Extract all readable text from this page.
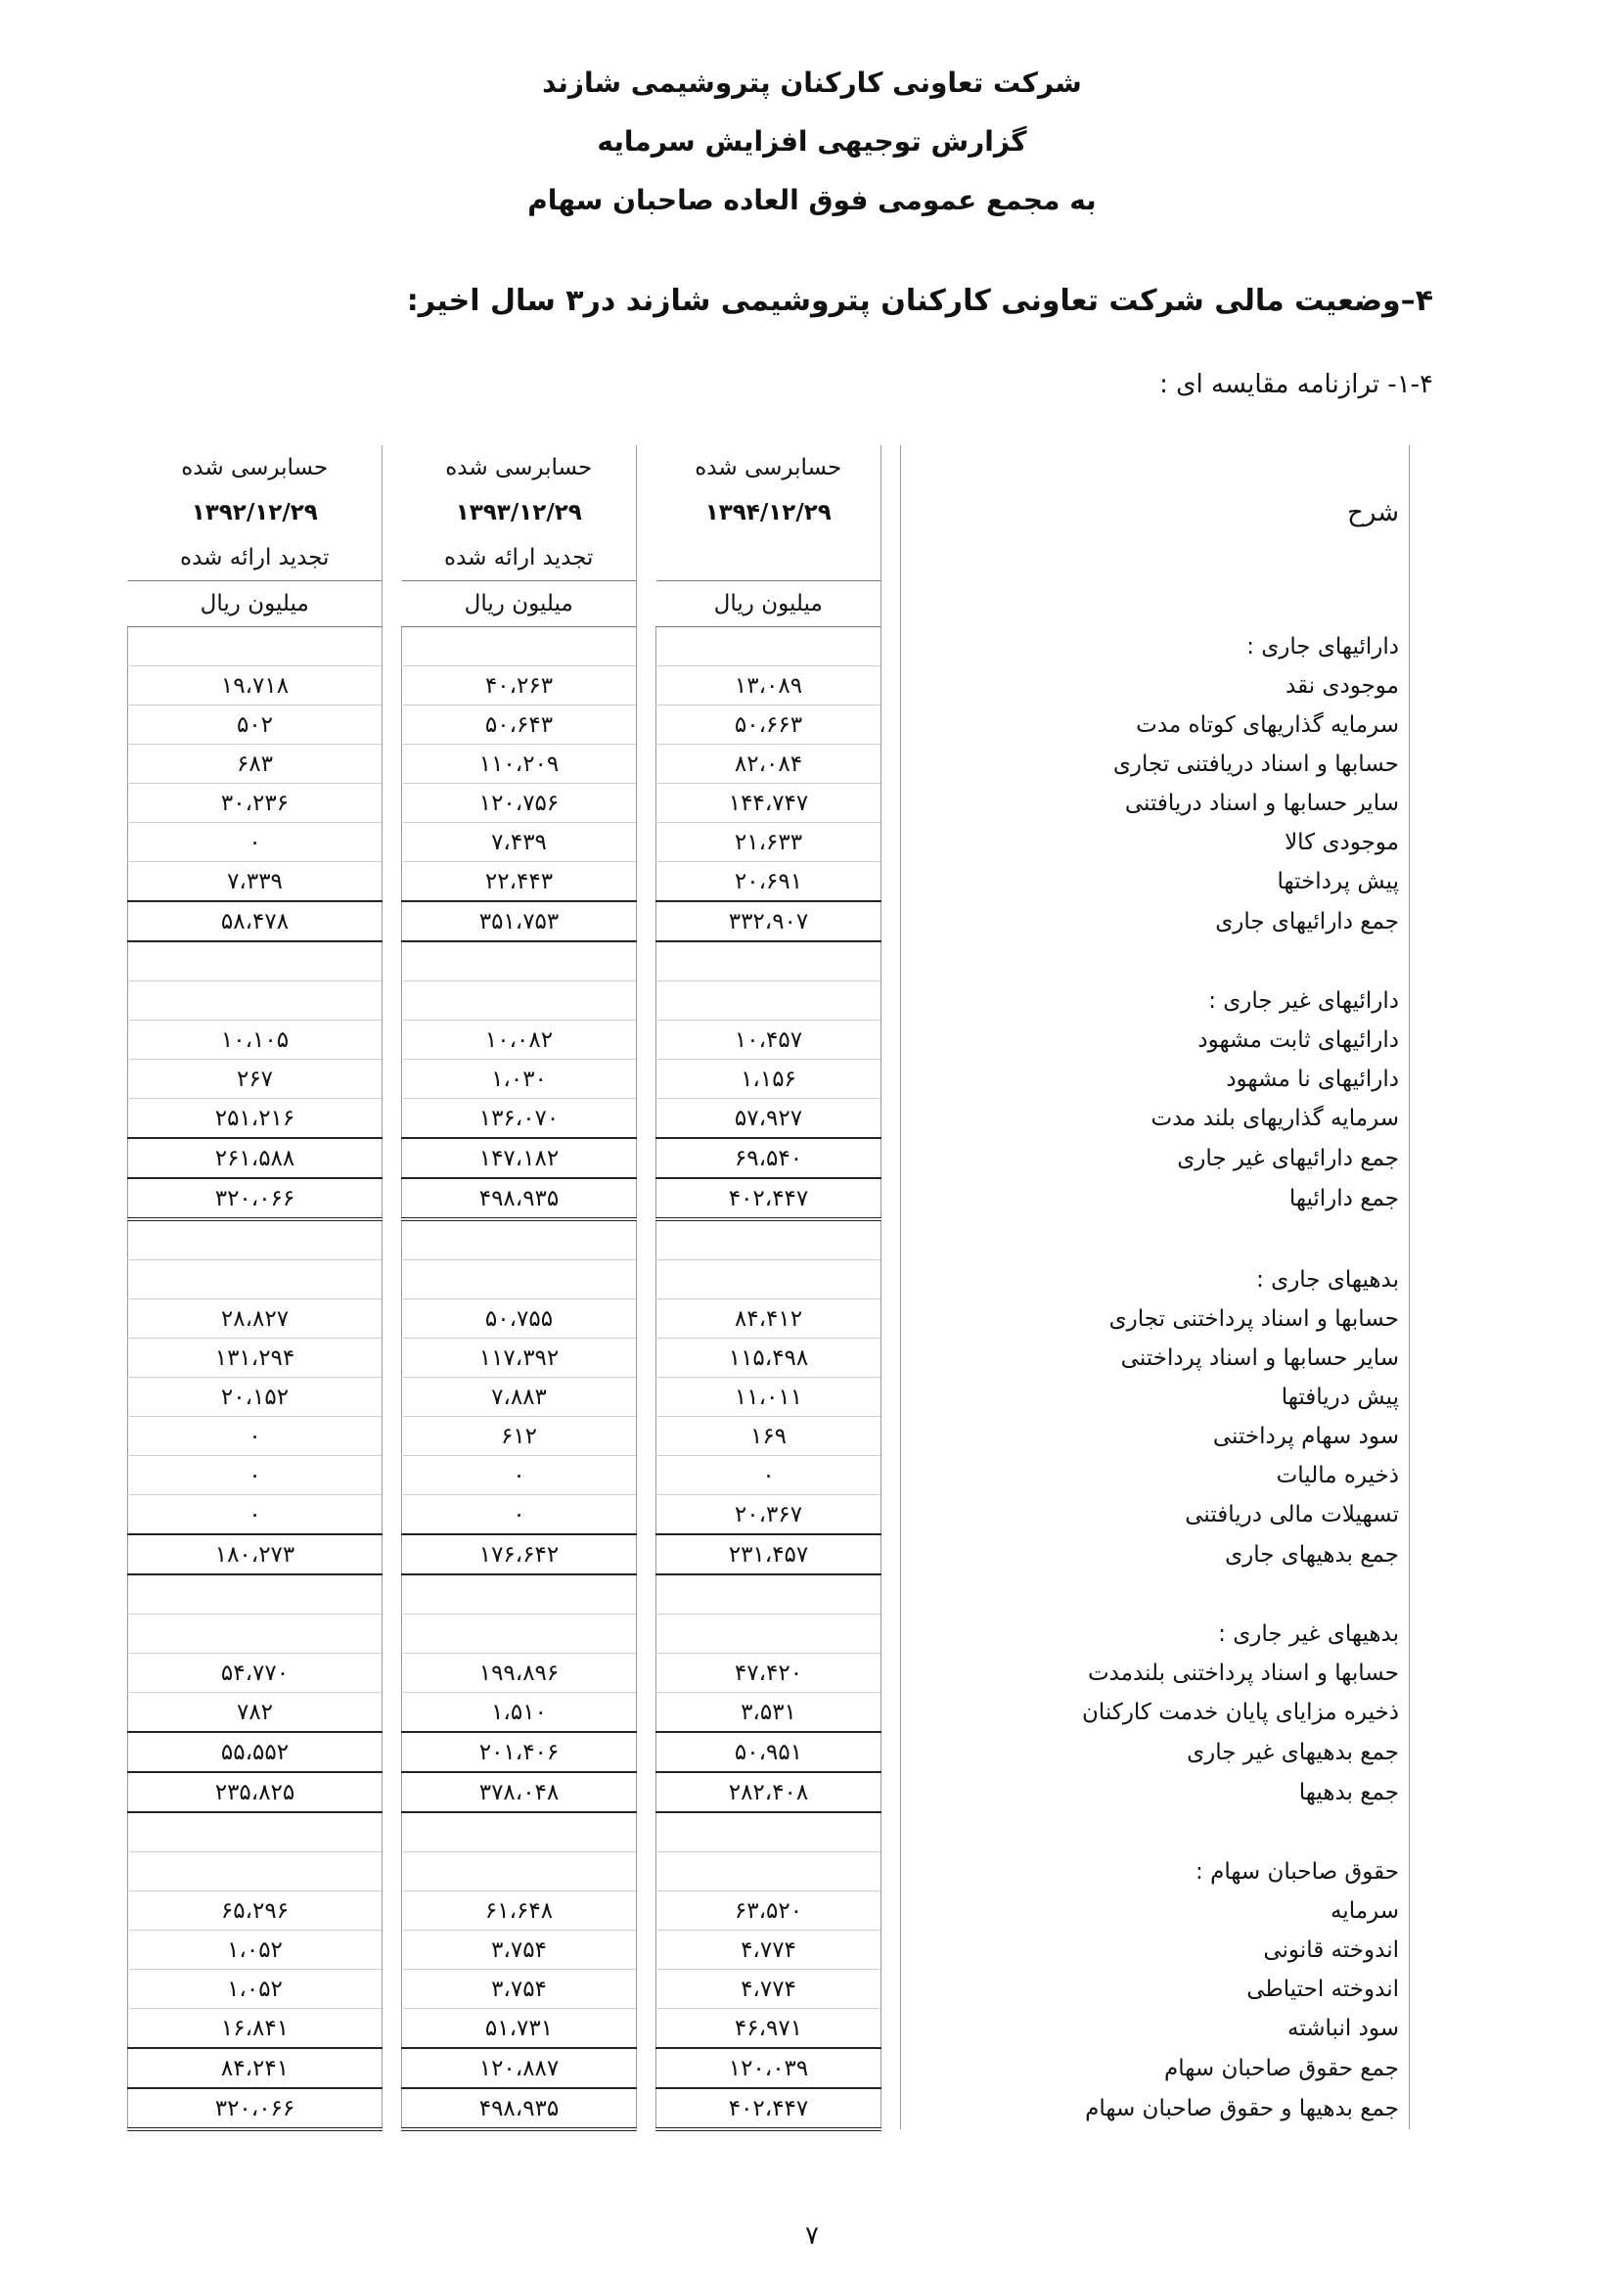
شرکت تعاونی کارکنان پتروشیمی شازند
گزارش توجیهی افزایش سرمایه
به مجمع عمومی فوق العاده صاحبان سهام
۴–وضعیت مالی شرکت تعاونی کارکنان پتروشیمی شازند در۳ سال اخیر:
۱-۴- ترازنامه مقایسه ای :
			حسابرسی شده		حسابرسی شده		حسابرسی شده
	شرح		۱۳۹۴/۱۲/۲۹		۱۳۹۳/۱۲/۲۹		۱۳۹۲/۱۲/۲۹
					تجدید ارائه شده		تجدید ارائه شده
			میلیون ریال		میلیون ریال		میلیون ریال
	دارائیهای جاری :						
	موجودی نقد		۱۳،۰۸۹		۴۰،۲۶۳		۱۹،۷۱۸
	سرمایه گذاریهای کوتاه مدت		۵۰،۶۶۳		۵۰،۶۴۳		۵۰۲
	حسابها و اسناد دریافتنی تجاری		۸۲،۰۸۴		۱۱۰،۲۰۹		۶۸۳
	سایر حسابها و اسناد دریافتنی		۱۴۴،۷۴۷		۱۲۰،۷۵۶		۳۰،۲۳۶
	موجودی کالا		۲۱،۶۳۳		۷،۴۳۹		۰
	پیش پرداختها		۲۰،۶۹۱		۲۲،۴۴۳		۷،۳۳۹
	جمع دارائیهای جاری		۳۳۲،۹۰۷		۳۵۱،۷۵۳		۵۸،۴۷۸

	دارائیهای غیر جاری :						
	دارائیهای ثابت مشهود		۱۰،۴۵۷		۱۰،۰۸۲		۱۰،۱۰۵
	دارائیهای نا مشهود		۱،۱۵۶		۱،۰۳۰		۲۶۷
	سرمایه گذاریهای بلند مدت		۵۷،۹۲۷		۱۳۶،۰۷۰		۲۵۱،۲۱۶
	جمع دارائیهای غیر جاری		۶۹،۵۴۰		۱۴۷،۱۸۲		۲۶۱،۵۸۸
	جمع دارائیها		۴۰۲،۴۴۷		۴۹۸،۹۳۵		۳۲۰،۰۶۶

	بدهیهای جاری :						
	حسابها و اسناد پرداختنی تجاری		۸۴،۴۱۲		۵۰،۷۵۵		۲۸،۸۲۷
	سایر حسابها و اسناد پرداختنی		۱۱۵،۴۹۸		۱۱۷،۳۹۲		۱۳۱،۲۹۴
	پیش دریافتها		۱۱،۰۱۱		۷،۸۸۳		۲۰،۱۵۲
	سود سهام پرداختنی		۱۶۹		۶۱۲		۰
	ذخیره مالیات		۰		۰		۰
	تسهیلات مالی دریافتنی		۲۰،۳۶۷		۰		۰
	جمع بدهیهای جاری		۲۳۱،۴۵۷		۱۷۶،۶۴۲		۱۸۰،۲۷۳

	بدهیهای غیر جاری :						
	حسابها و اسناد پرداختنی بلندمدت		۴۷،۴۲۰		۱۹۹،۸۹۶		۵۴،۷۷۰
	ذخیره مزایای پایان خدمت کارکنان		۳،۵۳۱		۱،۵۱۰		۷۸۲
	جمع بدهیهای غیر جاری		۵۰،۹۵۱		۲۰۱،۴۰۶		۵۵،۵۵۲
	جمع بدهیها		۲۸۲،۴۰۸		۳۷۸،۰۴۸		۲۳۵،۸۲۵

	حقوق صاحبان سهام :						
	سرمایه		۶۳،۵۲۰		۶۱،۶۴۸		۶۵،۲۹۶
	اندوخته قانونی		۴،۷۷۴		۳،۷۵۴		۱،۰۵۲
	اندوخته احتیاطی		۴،۷۷۴		۳،۷۵۴		۱،۰۵۲
	سود انباشته		۴۶،۹۷۱		۵۱،۷۳۱		۱۶،۸۴۱
	جمع حقوق صاحبان سهام		۱۲۰،۰۳۹		۱۲۰،۸۸۷		۸۴،۲۴۱
	جمع بدهیها و حقوق صاحبان سهام		۴۰۲،۴۴۷		۴۹۸،۹۳۵		۳۲۰،۰۶۶
۷
